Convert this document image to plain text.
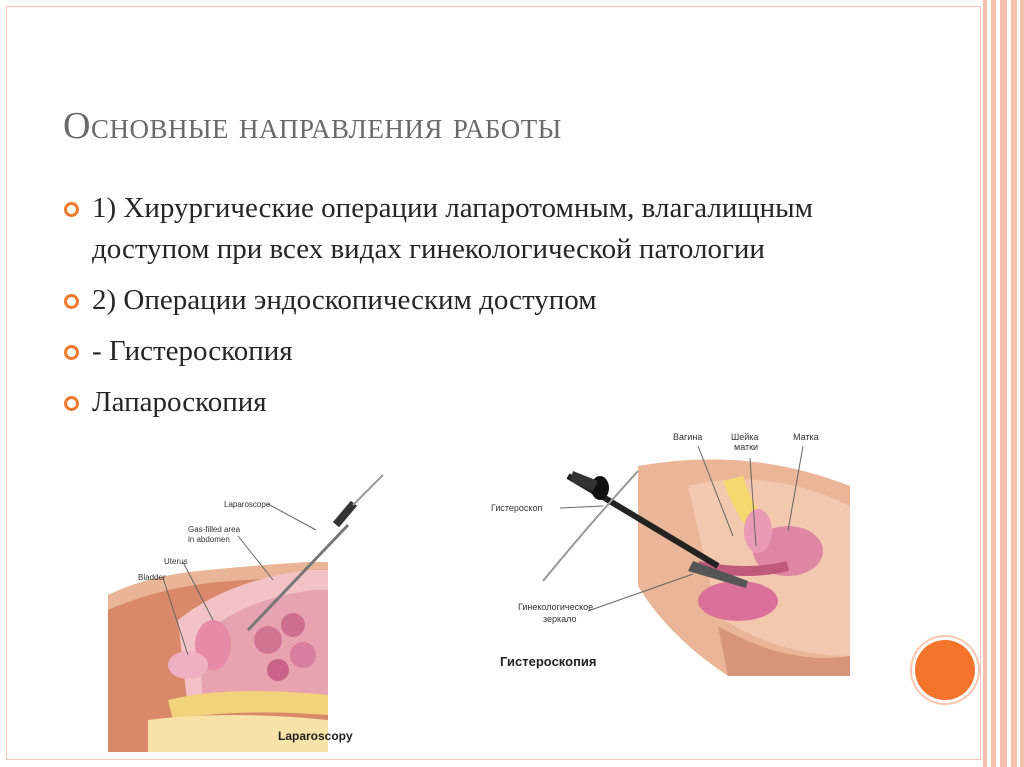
Основные направления работы
1) Хирургические операции лапаротомным, влагалищным доступом при всех видах гинекологической патологии
2) Операции эндоскопическим доступом
- Гистероскопия
Лапароскопия
Laparoscope
Gas-filled area
in abdomen
Uterus
Bladder
Laparoscopy
Вагина	Шейка
матки
Матка
Гистероскоп
Гинекологическое
зеркало
Гистероскопия
